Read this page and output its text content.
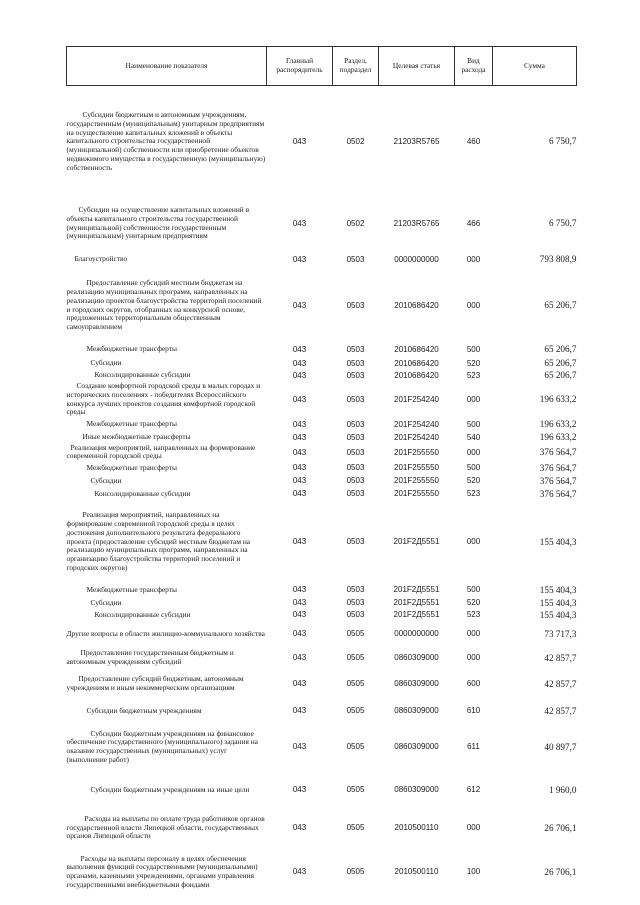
Наименование показателя	Главный распорядитель	Раздел, подраздел	Целевая статья	Вид расхода	Сумма

Субсидии бюджетным и автономным учреждениям, государственным (муниципальным) унитарным предприятиям на осуществление капитальных вложений в объекты капитального строительства государственной (муниципальной) собственности или приобретение объектов недвижимого имущества в государственную (муниципальную) собственность	043	0502	21203R5765	460	6 750,7

Субсидии на осуществление капитальных вложений в объекты капитального строительства государственной (муниципальной) собственности государственным (муниципальным) унитарным предприятиям	043	0502	21203R5765	466	6 750,7

Благоустройство	043	0503	0000000000	000	793 808,9

Предоставление субсидий местным бюджетам на реализацию муниципальных программ, направленных на реализацию проектов благоустройства территорий поселений и городских округов, отобранных на конкурсной основе, предложенных территориальным общественным самоуправлением	043	0503	2010686420	000	65 206,7

Межбюджетные трансферты	043	0503	2010686420	500	65 206,7

Субсидии	043	0503	2010686420	520	65 206,7

Консолидированные субсидии	043	0503	2010686420	523	65 206,7

Создание комфортной городской среды в малых городах и исторических поселениях - победителях Всероссийского конкурса лучших проектов создания комфортной городской среды	043	0503	201F254240	000	196 633,2

Межбюджетные трансферты	043	0503	201F254240	500	196 633,2

Иные межбюджетные трансферты	043	0503	201F254240	540	196 633,2

Реализация мероприятий, направленных на формирование современной городской среды	043	0503	201F255550	000	376 564,7

Межбюджетные трансферты	043	0503	201F255550	500	376 564,7

Субсидии	043	0503	201F255550	520	376 564,7

Консолидированные субсидии	043	0503	201F255550	523	376 564,7

Реализация мероприятий, направленных на формирование современной городской среды в целях достижения дополнительного результата федерального проекта (предоставление субсидий местным бюджетам на реализацию муниципальных программ, направленных на организацию благоустройства территорий поселений и городских округов)	043	0503	201F2Д5551	000	155 404,3

Межбюджетные трансферты	043	0503	201F2Д5551	500	155 404,3

Субсидии	043	0503	201F2Д5551	520	155 404,3

Консолидированные субсидии	043	0503	201F2Д5551	523	155 404,3

Другие вопросы в области жилищно-коммунального хозяйства	043	0505	0000000000	000	73 717,3

Предоставление государственным бюджетным и автономным учреждениям субсидий	043	0505	0860309000	000	42 857,7

Предоставление субсидий бюджетным, автономным учреждениям и иным некоммерческим организациям	043	0505	0860309000	600	42 857,7

Субсидии бюджетным учреждениям	043	0505	0860309000	610	42 857,7

Субсидии бюджетным учреждениям на финансовое обеспечение государственного (муниципального) задания на оказание государственных (муниципальных) услуг (выполнение работ)	043	0505	0860309000	611	40 897,7

Субсидии бюджетным учреждениям на иные цели	043	0505	0860309000	612	1 960,0

Расходы на выплаты по оплате труда работников органов государственной власти Липецкой области, государственных органов Липецкой области	043	0505	2010500110	000	26 706,1

Расходы на выплаты персоналу в целях обеспечения выполнения функций государственными (муниципальными) органами, казенными учреждениями, органами управления государственными внебюджетными фондами	043	0505	2010500110	100	26 706,1
